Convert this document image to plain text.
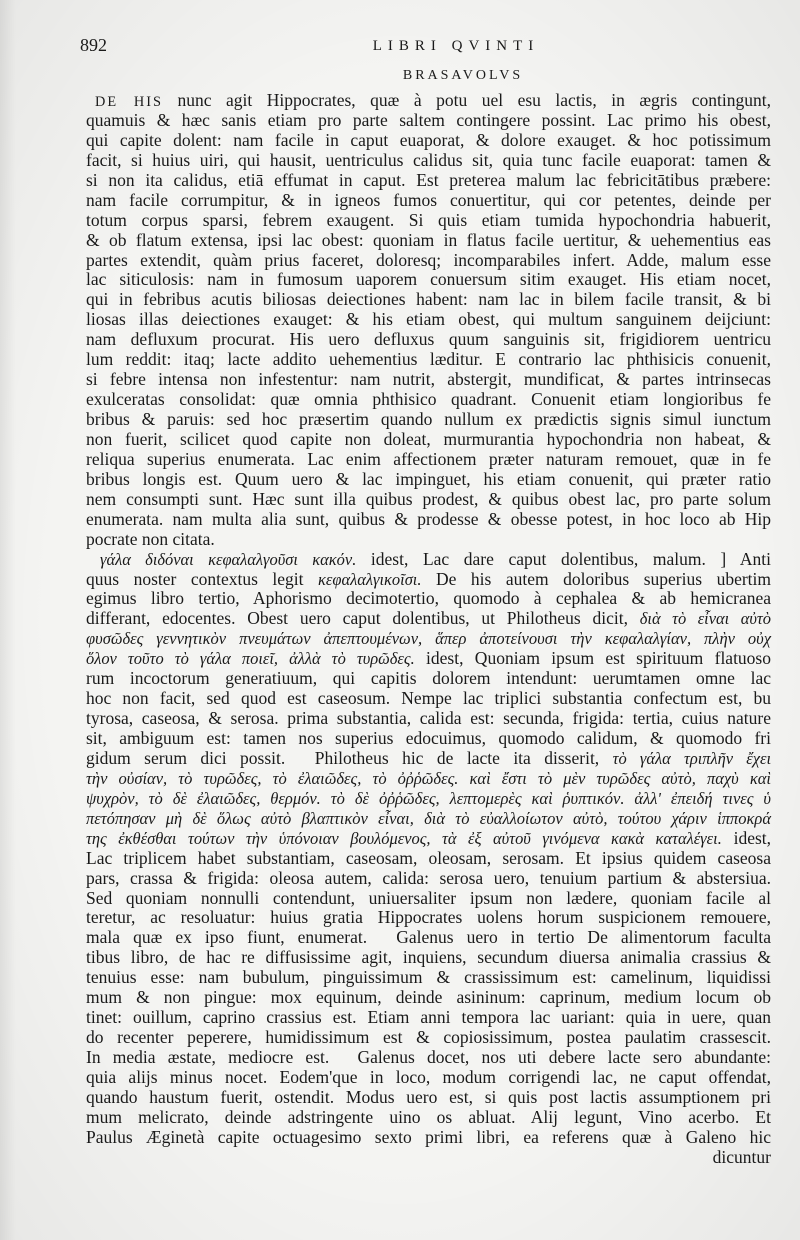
892	LIBRI QVINTI
BRASAVOLVS
DE HIS nunc agit Hippocrates, quæ à potu uel esu lactis, in ægris contingunt,
quamuis & hæc sanis etiam pro parte saltem contingere possint. Lac primo his obest,
qui capite dolent: nam facile in caput euaporat, & dolore exauget. & hoc potissimum
facit, si huius uiri, qui hausit, uentriculus calidus sit, quia tunc facile euaporat: tamen &
si non ita calidus, etiā effumat in caput. Est preterea malum lac febricitātibus præbere:
nam facile corrumpitur, & in igneos fumos conuertitur, qui cor petentes, deinde per
totum corpus sparsi, febrem exaugent. Si quis etiam tumida hypochondria habuerit,
& ob flatum extensa, ipsi lac obest: quoniam in flatus facile uertitur, & uehementius eas
partes extendit, quàm prius faceret, doloresq; incomparabiles infert. Adde, malum esse
lac siticulosis: nam in fumosum uaporem conuersum sitim exauget. His etiam nocet,
qui in febribus acutis biliosas deiectiones habent: nam lac in bilem facile transit, & bi
liosas illas deiectiones exauget: & his etiam obest, qui multum sanguinem deijciunt:
nam defluxum procurat. His uero defluxus quum sanguinis sit, frigidiorem uentricu
lum reddit: itaq; lacte addito uehementius læditur. E contrario lac phthisicis conuenit,
si febre intensa non infestentur: nam nutrit, abstergit, mundificat, & partes intrinsecas
exulceratas consolidat: quæ omnia phthisico quadrant. Conuenit etiam longioribus fe
bribus & paruis: sed hoc præsertim quando nullum ex prædictis signis simul iunctum
non fuerit, scilicet quod capite non doleat, murmurantia hypochondria non habeat, &
reliqua superius enumerata. Lac enim affectionem præter naturam remouet, quæ in fe
bribus longis est. Quum uero & lac impinguet, his etiam conuenit, qui præter ratio
nem consumpti sunt. Hæc sunt illa quibus prodest, & quibus obest lac, pro parte solum
enumerata. nam multa alia sunt, quibus & prodesse & obesse potest, in hoc loco ab Hip
pocrate non citata.
γάλα διδόναι κεφαλαλγοῦσι κακόν. idest, Lac dare caput dolentibus, malum. ] Anti
quus noster contextus legit κεφαλαλγικοῖσι. De his autem doloribus superius ubertim
egimus libro tertio, Aphorismo decimotertio, quomodo à cephalea & ab hemicranea
differant, edocentes. Obest uero caput dolentibus, ut Philotheus dicit, διὰ τὸ εἶναι αὐτὸ
φυσῶδες γεννητικὸν πνευμάτων ἀπεπτουμένων, ἅπερ ἀποτείνουσι τὴν κεφαλαλγίαν, πλὴν οὐχ
ὅλον τοῦτο τὸ γάλα ποιεῖ, ἀλλὰ τὸ τυρῶδες. idest, Quoniam ipsum est spirituum flatuoso
rum incoctorum generatiuum, qui capitis dolorem intendunt: uerumtamen omne lac
hoc non facit, sed quod est caseosum. Nempe lac triplici substantia confectum est, bu
tyrosa, caseosa, & serosa. prima substantia, calida est: secunda, frigida: tertia, cuius nature
sit, ambiguum est: tamen nos superius edocuimus, quomodo calidum, & quomodo fri
gidum serum dici possit. Philotheus hic de lacte ita disserit, τὸ γάλα τριπλῆν ἔχει
τὴν οὐσίαν, τὸ τυρῶδες, τὸ ἐλαιῶδες, τὸ ὀῤῥῶδες. καὶ ἔστι τὸ μὲν τυρῶδες αὐτὸ, παχὺ καὶ
ψυχρὸν, τὸ δὲ ἐλαιῶδες, θερμόν. τὸ δὲ ὀῤῥῶδες, λεπτομερὲς καὶ ῥυπτικόν. ἀλλ' ἐπειδή τινες ὑ
πετόπησαν μὴ δὲ ὅλως αὐτὸ βλαπτικὸν εἶναι, διὰ τὸ εὐαλλοίωτον αὐτὸ, τούτου χάριν ἱπποκρά
της ἐκθέσθαι τούτων τὴν ὑπόνοιαν βουλόμενος, τὰ ἐξ αὐτοῦ γινόμενα κακὰ καταλέγει. idest,
Lac triplicem habet substantiam, caseosam, oleosam, serosam. Et ipsius quidem caseosa
pars, crassa & frigida: oleosa autem, calida: serosa uero, tenuium partium & abstersiua.
Sed quoniam nonnulli contendunt, uniuersaliter ipsum non lædere, quoniam facile al
teretur, ac resoluatur: huius gratia Hippocrates uolens horum suspicionem remouere,
mala quæ ex ipso fiunt, enumerat. Galenus uero in tertio De alimentorum faculta
tibus libro, de hac re diffusissime agit, inquiens, secundum diuersa animalia crassius &
tenuius esse: nam bubulum, pinguissimum & crassissimum est: camelinum, liquidissi
mum & non pingue: mox equinum, deinde asininum: caprinum, medium locum ob
tinet: ouillum, caprino crassius est. Etiam anni tempora lac uariant: quia in uere, quan
do recenter peperere, humidissimum est & copiosissimum, postea paulatim crassescit.
In media æstate, mediocre est. Galenus docet, nos uti debere lacte sero abundante:
quia alijs minus nocet. Eodem'que in loco, modum corrigendi lac, ne caput offendat,
quando haustum fuerit, ostendit. Modus uero est, si quis post lactis assumptionem pri
mum melicrato, deinde adstringente uino os abluat. Alij legunt, Vino acerbo. Et
Paulus Æginetà capite octuagesimo sexto primi libri, ea referens quæ à Galeno hic
dicuntur
